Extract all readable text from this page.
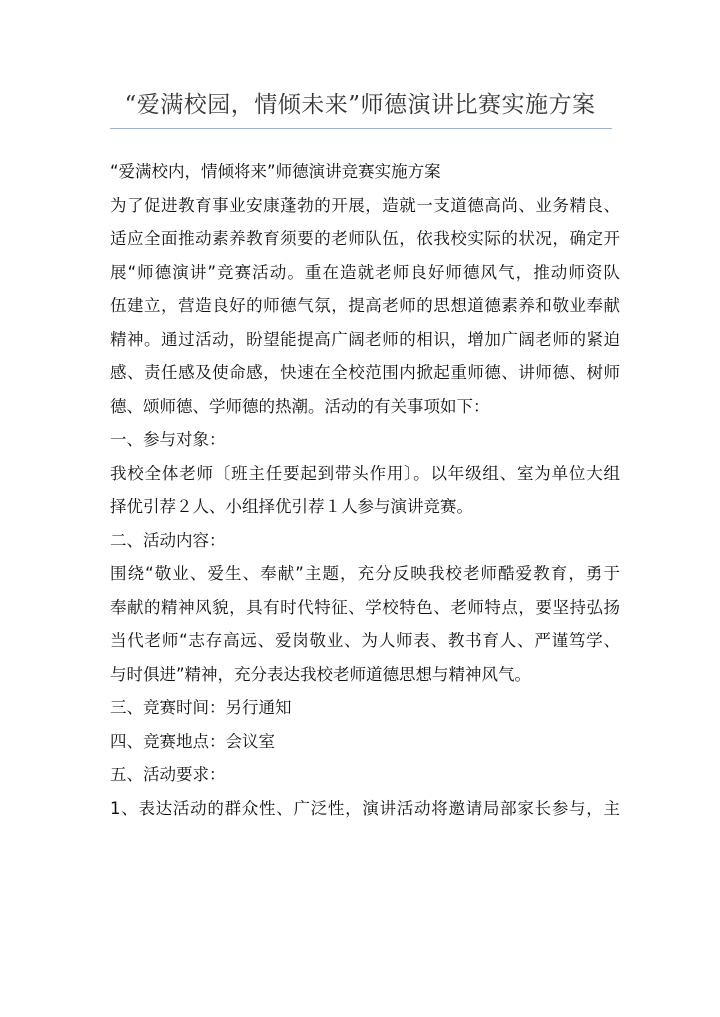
“爱满校园，情倾未来”师德演讲比赛实施方案
“爱满校内，情倾将来”师德演讲竞赛实施方案
为了促进教育事业安康蓬勃的开展，造就一支道德高尚、业务精良、
适应全面推动素养教育须要的老师队伍，依我校实际的状况，确定开
展“师德演讲”竞赛活动。重在造就老师良好师德风气，推动师资队
伍建立，营造良好的师德气氛，提高老师的思想道德素养和敬业奉献
精神。通过活动，盼望能提高广阔老师的相识，增加广阔老师的紧迫
感、责任感及使命感，快速在全校范围内掀起重师德、讲师德、树师
德、颂师德、学师德的热潮。活动的有关事项如下：
一、参与对象：
我校全体老师〔班主任要起到带头作用〕。以年级组、室为单位大组
择优引荐２人、小组择优引荐１人参与演讲竞赛。
二、活动内容：
围绕“敬业、爱生、奉献”主题，充分反映我校老师酷爱教育，勇于
奉献的精神风貌，具有时代特征、学校特色、老师特点，要坚持弘扬
当代老师“志存高远、爱岗敬业、为人师表、教书育人、严谨笃学、
与时俱进”精神，充分表达我校老师道德思想与精神风气。
三、竞赛时间：另行通知
四、竞赛地点：会议室
五、活动要求：
1、表达活动的群众性、广泛性，演讲活动将邀请局部家长参与，主
